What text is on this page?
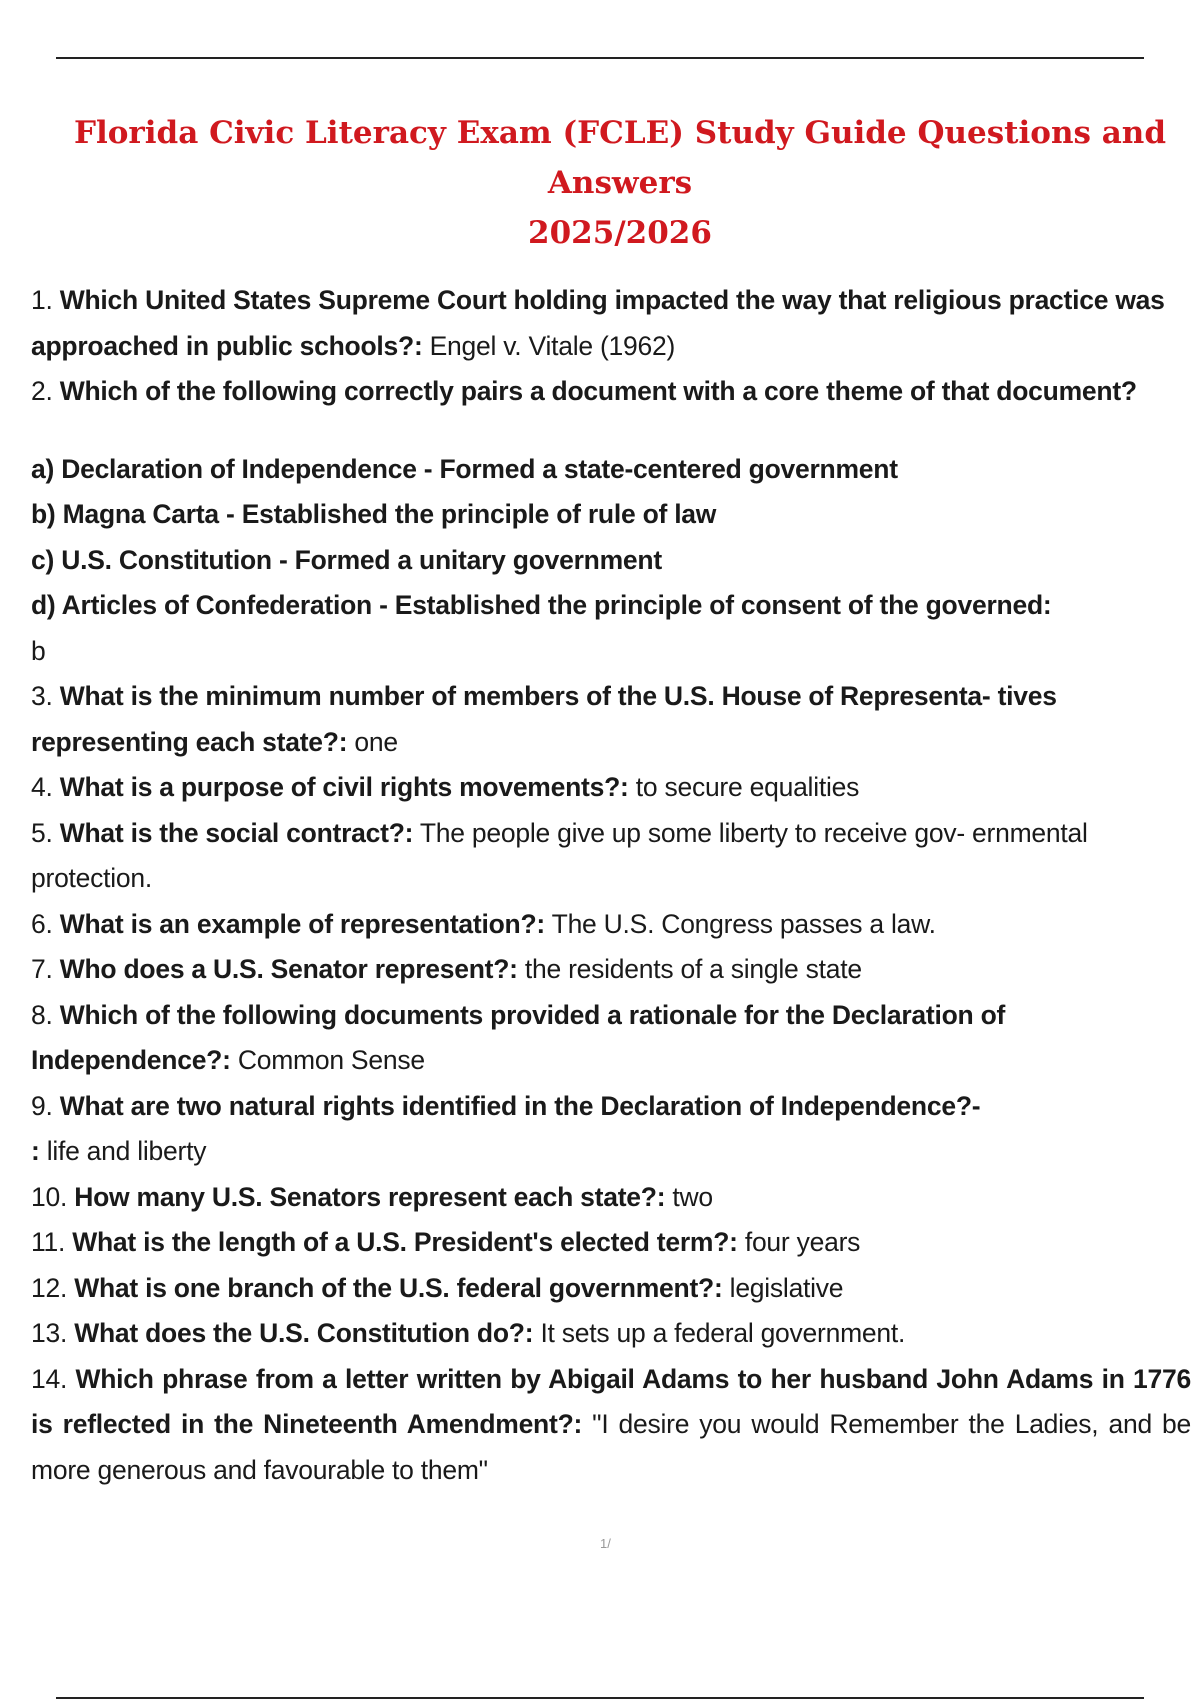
Florida Civic Literacy Exam (FCLE) Study Guide Questions and Answers
2025/2026

1. Which United States Supreme Court holding impacted the way that religious practice was approached in public schools?: Engel v. Vitale (1962)

2. Which of the following correctly pairs a document with a core theme of that document?

a) Declaration of Independence - Formed a state-centered government

b) Magna Carta - Established the principle of rule of law

c) U.S. Constitution - Formed a unitary government

d) Articles of Confederation - Established the principle of consent of the governed:

b

3. What is the minimum number of members of the U.S. House of Representa- tives representing each state?: one

4. What is a purpose of civil rights movements?: to secure equalities

5. What is the social contract?: The people give up some liberty to receive gov- ernmental protection.

6. What is an example of representation?: The U.S. Congress passes a law.

7. Who does a U.S. Senator represent?: the residents of a single state

8. Which of the following documents provided a rationale for the Declaration of Independence?: Common Sense

9. What are two natural rights identified in the Declaration of Independence?-
: life and liberty

10. How many U.S. Senators represent each state?: two

11. What is the length of a U.S. President's elected term?: four years

12. What is one branch of the U.S. federal government?: legislative

13. What does the U.S. Constitution do?: It sets up a federal government.

14. Which phrase from a letter written by Abigail Adams to her husband John Adams in 1776 is reflected in the Nineteenth Amendment?: "I desire you would Remember the Ladies, and be more generous and favourable to them"

1/
